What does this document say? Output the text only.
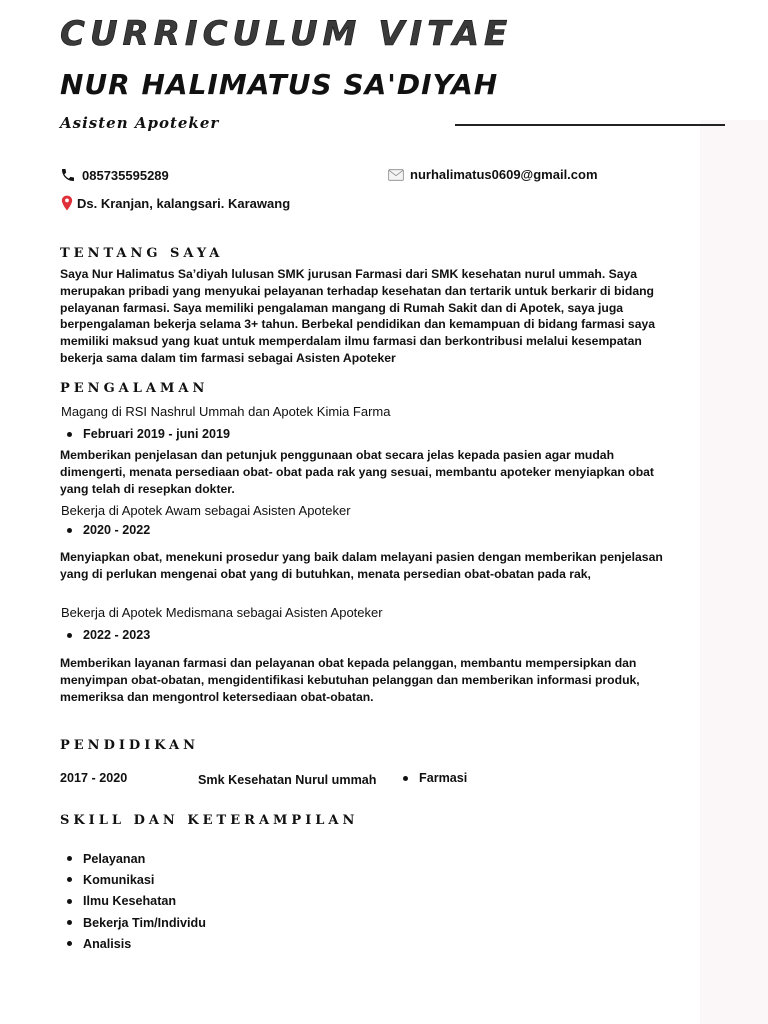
CURRICULUM VITAE
NUR HALIMATUS SA'DIYAH
Asisten Apoteker
085735595289	nurhalimatus0609@gmail.com
Ds. Kranjan, kalangsari. Karawang
TENTANG SAYA
Saya Nur Halimatus Sa’diyah lulusan SMK jurusan Farmasi dari SMK kesehatan nurul ummah. Saya merupakan pribadi yang menyukai pelayanan terhadap kesehatan dan tertarik untuk berkarir di bidang pelayanan farmasi. Saya memiliki pengalaman mangang di Rumah Sakit dan di Apotek, saya juga berpengalaman bekerja selama 3+ tahun. Berbekal pendidikan dan kemampuan di bidang farmasi saya memiliki maksud yang kuat untuk memperdalam ilmu farmasi dan berkontribusi melalui kesempatan bekerja sama dalam tim farmasi sebagai Asisten Apoteker
PENGALAMAN
Magang di RSI Nashrul Ummah dan Apotek Kimia Farma
Februari 2019 - juni 2019
Memberikan penjelasan dan petunjuk penggunaan obat secara jelas kepada pasien agar mudah dimengerti, menata persediaan obat- obat pada rak yang sesuai, membantu apoteker menyiapkan obat yang telah di resepkan dokter.
Bekerja di Apotek Awam sebagai Asisten Apoteker
2020 - 2022
Menyiapkan obat, menekuni prosedur yang baik dalam melayani pasien dengan memberikan penjelasan yang di perlukan mengenai obat yang di butuhkan, menata persedian obat-obatan pada rak,
Bekerja di Apotek Medismana sebagai Asisten Apoteker
2022 - 2023
Memberikan layanan farmasi dan pelayanan obat kepada pelanggan, membantu mempersipkan dan menyimpan obat-obatan, mengidentifikasi kebutuhan pelanggan dan memberikan informasi produk, memeriksa dan mengontrol ketersediaan obat-obatan.
PENDIDIKAN
2017 - 2020	Smk Kesehatan Nurul ummah	Farmasi
SKILL DAN KETERAMPILAN
Pelayanan
Komunikasi
Ilmu Kesehatan
Bekerja Tim/Individu
Analisis
